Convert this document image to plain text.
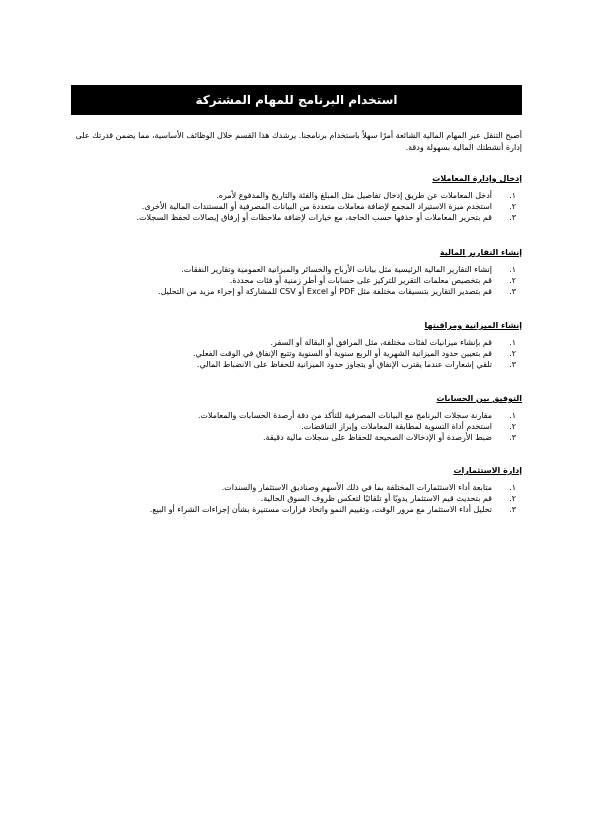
استخدام البرنامج للمهام المشتركة

أصبح التنقل عبر المهام المالية الشائعة أمرًا سهلاً باستخدام برنامجنا. يرشدك هذا القسم خلال الوظائف الأساسية، مما يضمن قدرتك على إدارة أنشطتك المالية بسهولة ودقة.

إدخال وإدارة المعاملات
١.
أدخل المعاملات عن طريق إدخال تفاصيل مثل المبلغ والفئة والتاريخ والمدفوع لأمره.
٢.
استخدم ميزة الاستيراد المجمع لإضافة معاملات متعددة من البيانات المصرفية أو المستندات المالية الأخرى.
٣.
قم بتحرير المعاملات أو حذفها حسب الحاجة، مع خيارات لإضافة ملاحظات أو إرفاق إيصالات لحفظ السجلات.
إنشاء التقارير المالية
١.
إنشاء التقارير المالية الرئيسية مثل بيانات الأرباح والخسائر والميزانية العمومية وتقارير النفقات.
٢.
قم بتخصيص معلمات التقرير للتركيز على حسابات أو أطر زمنية أو فئات محددة.
٣.
قم بتصدير التقارير بتنسيقات مختلفة مثل PDF أو Excel أو CSV للمشاركة أو إجراء مزيد من التحليل.
إنشاء الميزانية ومراقبتها
١.
قم بإنشاء ميزانيات لفئات مختلفة، مثل المرافق أو البقالة أو السفر.
٢.
قم بتعيين حدود الميزانية الشهرية أو الربع سنوية أو السنوية وتتبع الإنفاق في الوقت الفعلي.
٣.
تلقي إشعارات عندما يقترب الإنفاق أو يتجاوز حدود الميزانية للحفاظ على الانضباط المالي.
التوفيق بين الحسابات
١.
مقارنة سجلات البرنامج مع البيانات المصرفية للتأكد من دقة أرصدة الحسابات والمعاملات.
٢.
استخدم أداة التسوية لمطابقة المعاملات وإبراز التناقضات.
٣.
ضبط الأرصدة أو الإدخالات الصحيحة للحفاظ على سجلات مالية دقيقة.
إدارة الاستثمارات
١.
متابعة أداء الاستثمارات المختلفة بما في ذلك الأسهم وصناديق الاستثمار والسندات.
٢.
قم بتحديث قيم الاستثمار يدويًا أو تلقائيًا لتعكس ظروف السوق الحالية.
٣.
تحليل أداء الاستثمار مع مرور الوقت، وتقييم النمو واتخاذ قرارات مستنيرة بشأن إجراءات الشراء أو البيع.
